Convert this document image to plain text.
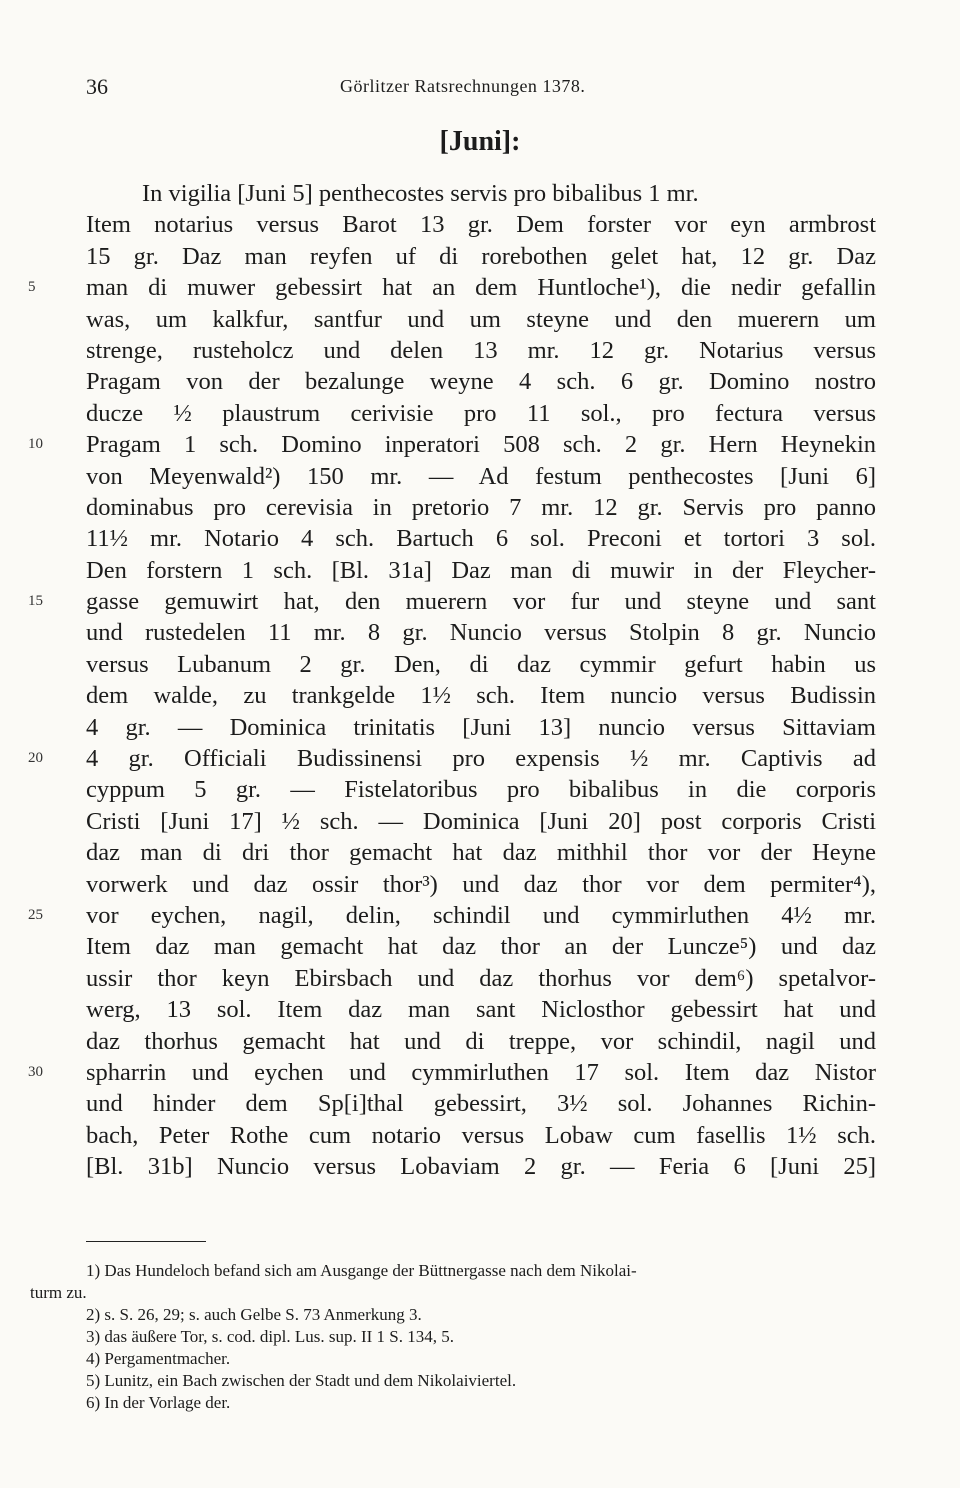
36	Görlitzer Ratsrechnungen 1378.
[Juni]:
In vigilia [Juni 5] penthecostes servis pro bibalibus 1 mr.
Item notarius versus Barot 13 gr. Dem forster vor eyn armbrost
15 gr. Daz man reyfen uf di rorebothen gelet hat, 12 gr. Daz
5	man di muwer gebessirt hat an dem Huntloche¹), die nedir gefallin
was, um kalkfur, santfur und um steyne und den muerern um
strenge, rusteholcz und delen 13 mr. 12 gr. Notarius versus
Pragam von der bezalunge weyne 4 sch. 6 gr. Domino nostro
ducze ½ plaustrum cerivisie pro 11 sol., pro fectura versus
10	Pragam 1 sch. Domino inperatori 508 sch. 2 gr. Hern Heynekin
von Meyenwald²) 150 mr. — Ad festum penthecostes [Juni 6]
dominabus pro cerevisia in pretorio 7 mr. 12 gr. Servis pro panno
11½ mr. Notario 4 sch. Bartuch 6 sol. Preconi et tortori 3 sol.
Den forstern 1 sch. [Bl. 31a] Daz man di muwir in der Fleycher-
15	gasse gemuwirt hat, den muerern vor fur und steyne und sant
und rustedelen 11 mr. 8 gr. Nuncio versus Stolpin 8 gr. Nuncio
versus Lubanum 2 gr. Den, di daz cymmir gefurt habin us
dem walde, zu trankgelde 1½ sch. Item nuncio versus Budissin
4 gr. — Dominica trinitatis [Juni 13] nuncio versus Sittaviam
20	4 gr. Officiali Budissinensi pro expensis ½ mr. Captivis ad
cyppum 5 gr. — Fistelatoribus pro bibalibus in die corporis
Cristi [Juni 17] ½ sch. — Dominica [Juni 20] post corporis Cristi
daz man di dri thor gemacht hat daz mithhil thor vor der Heyne
vorwerk und daz ossir thor³) und daz thor vor dem permiter⁴),
25	vor eychen, nagil, delin, schindil und cymmirluthen 4½ mr.
Item daz man gemacht hat daz thor an der Luncze⁵) und daz
ussir thor keyn Ebirsbach und daz thorhus vor dem⁶) spetalvor-
werg, 13 sol. Item daz man sant Niclosthor gebessirt hat und
daz thorhus gemacht hat und di treppe, vor schindil, nagil und
30	spharrin und eychen und cymmirluthen 17 sol. Item daz Nistor
und hinder dem Sp[i]thal gebessirt, 3½ sol. Johannes Richin-
bach, Peter Rothe cum notario versus Lobaw cum fasellis 1½ sch.
[Bl. 31b] Nuncio versus Lobaviam 2 gr. — Feria 6 [Juni 25]
1) Das Hundeloch befand sich am Ausgange der Büttnergasse nach dem Nikolai-
turm zu.
2) s. S. 26, 29; s. auch Gelbe S. 73 Anmerkung 3.
3) das äußere Tor, s. cod. dipl. Lus. sup. II 1 S. 134, 5.
4) Pergamentmacher.
5) Lunitz, ein Bach zwischen der Stadt und dem Nikolaiviertel.
6) In der Vorlage der.
